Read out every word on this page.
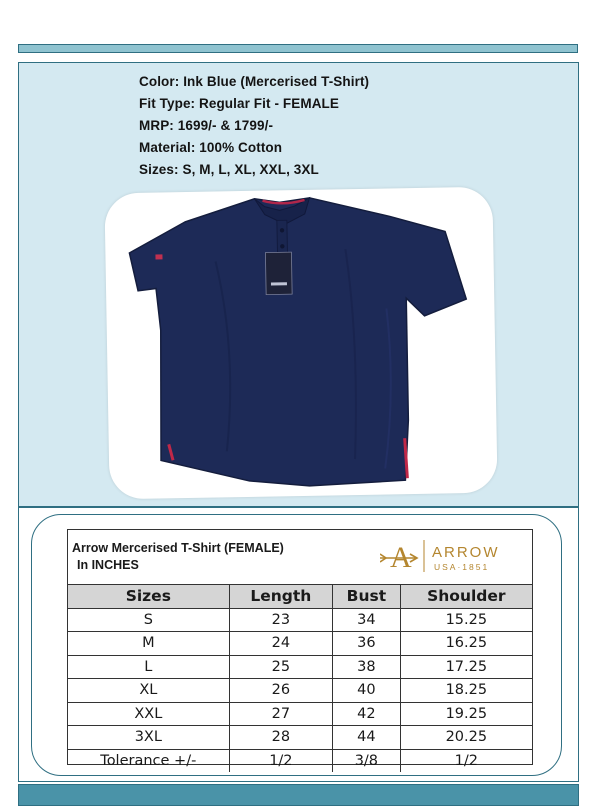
Color: Ink Blue (Mercerised T-Shirt)
Fit Type: Regular Fit - FEMALE
MRP: 1699/- & 1799/-
Material: 100% Cotton
Sizes: S, M, L, XL, XXL, 3XL
Arrow Mercerised T-Shirt (FEMALE)
In INCHES	A ARROW
USA·1851
Sizes	Length	Bust	Shoulder
S	23	34	15.25
M	24	36	16.25
L	25	38	17.25
XL	26	40	18.25
XXL	27	42	19.25
3XL	28	44	20.25
Tolerance +/-	1/2	3/8	1/2
